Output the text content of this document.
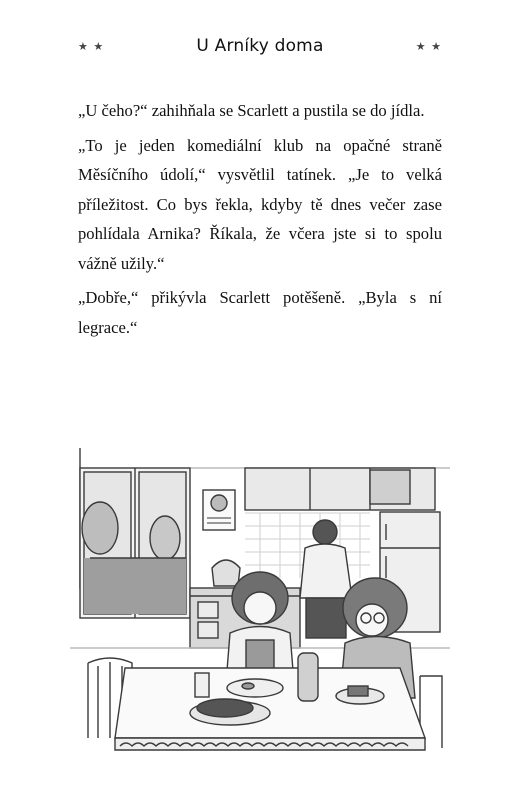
★ ★	U Arníky doma	★ ★

„U čeho?“ zahihňala se Scarlett a pustila se do jídla.

„To je jeden komediální klub na opačné straně Měsíčního údolí,“ vysvětlil tatínek. „Je to velká příležitost. Co bys řekla, kdyby tě dnes večer zase pohlídala Arnika? Říkala, že včera jste si to spolu vážně užily.“

„Dobře,“ přikývla Scarlett potěšeně. „Byla s ní legrace.“
